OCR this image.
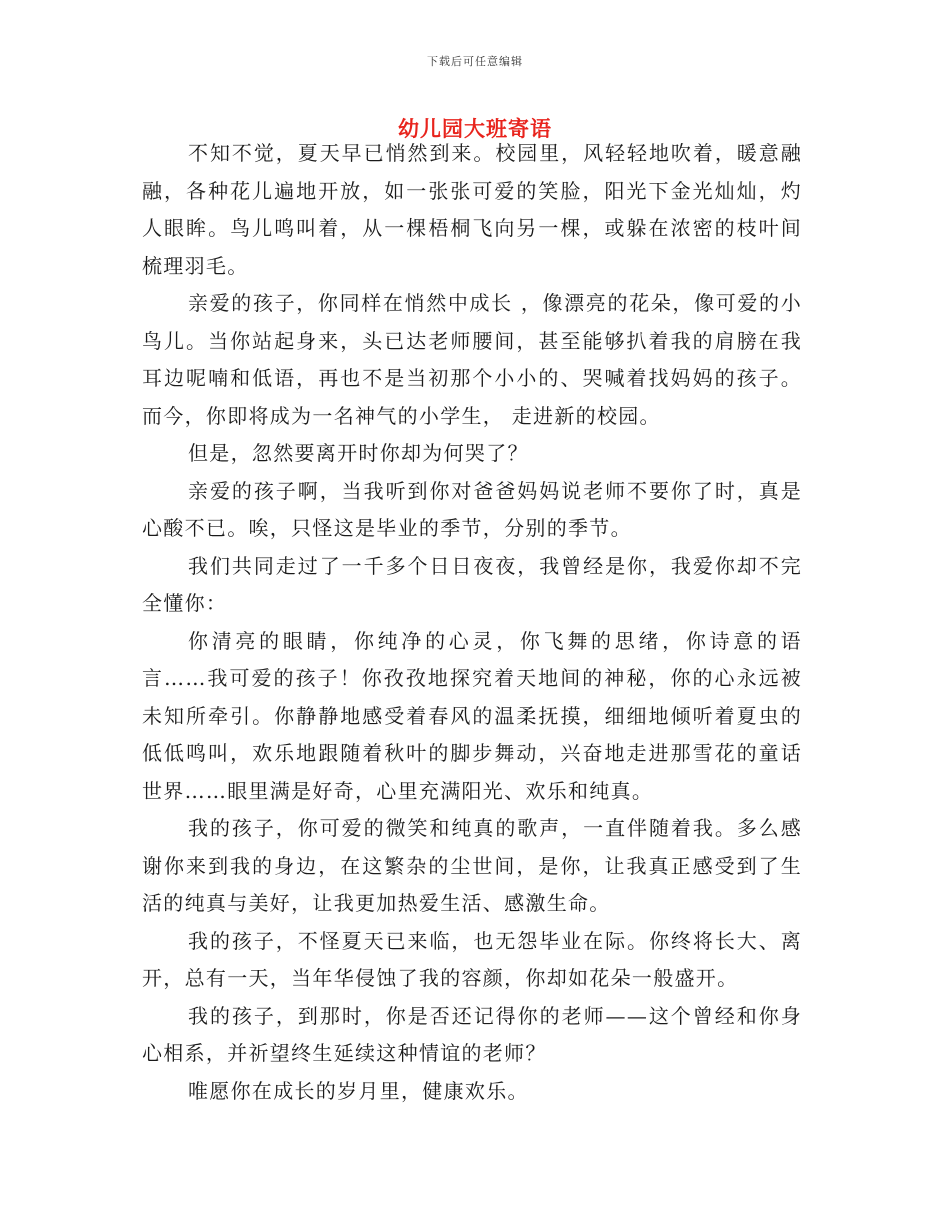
下载后可任意编辑
幼儿园大班寄语

不知不觉，夏天早已悄然到来。校园里，风轻轻地吹着，暖意融融，各种花儿遍地开放，如一张张可爱的笑脸，阳光下金光灿灿，灼人眼眸。鸟儿鸣叫着，从一棵梧桐飞向另一棵，或躲在浓密的枝叶间梳理羽毛。

亲爱的孩子，你同样在悄然中成长 ，像漂亮的花朵，像可爱的小鸟儿。当你站起身来，头已达老师腰间，甚至能够扒着我的肩膀在我耳边呢喃和低语，再也不是当初那个小小的、哭喊着找妈妈的孩子。而今，你即将成为一名神气的小学生， 走进新的校园。

但是，忽然要离开时你却为何哭了？

亲爱的孩子啊，当我听到你对爸爸妈妈说老师不要你了时，真是心酸不已。唉，只怪这是毕业的季节，分别的季节。

我们共同走过了一千多个日日夜夜，我曾经是你，我爱你却不完全懂你：

你清亮的眼睛，你纯净的心灵，你飞舞的思绪，你诗意的语言……我可爱的孩子！你孜孜地探究着天地间的神秘，你的心永远被未知所牵引。你静静地感受着春风的温柔抚摸，细细地倾听着夏虫的低低鸣叫，欢乐地跟随着秋叶的脚步舞动，兴奋地走进那雪花的童话世界……眼里满是好奇，心里充满阳光、欢乐和纯真。

我的孩子，你可爱的微笑和纯真的歌声，一直伴随着我。多么感谢你来到我的身边，在这繁杂的尘世间，是你，让我真正感受到了生活的纯真与美好，让我更加热爱生活、感激生命。

我的孩子，不怪夏天已来临，也无怨毕业在际。你终将长大、离开，总有一天，当年华侵蚀了我的容颜，你却如花朵一般盛开。

我的孩子，到那时，你是否还记得你的老师——这个曾经和你身心相系，并祈望终生延续这种情谊的老师？

唯愿你在成长的岁月里，健康欢乐。
